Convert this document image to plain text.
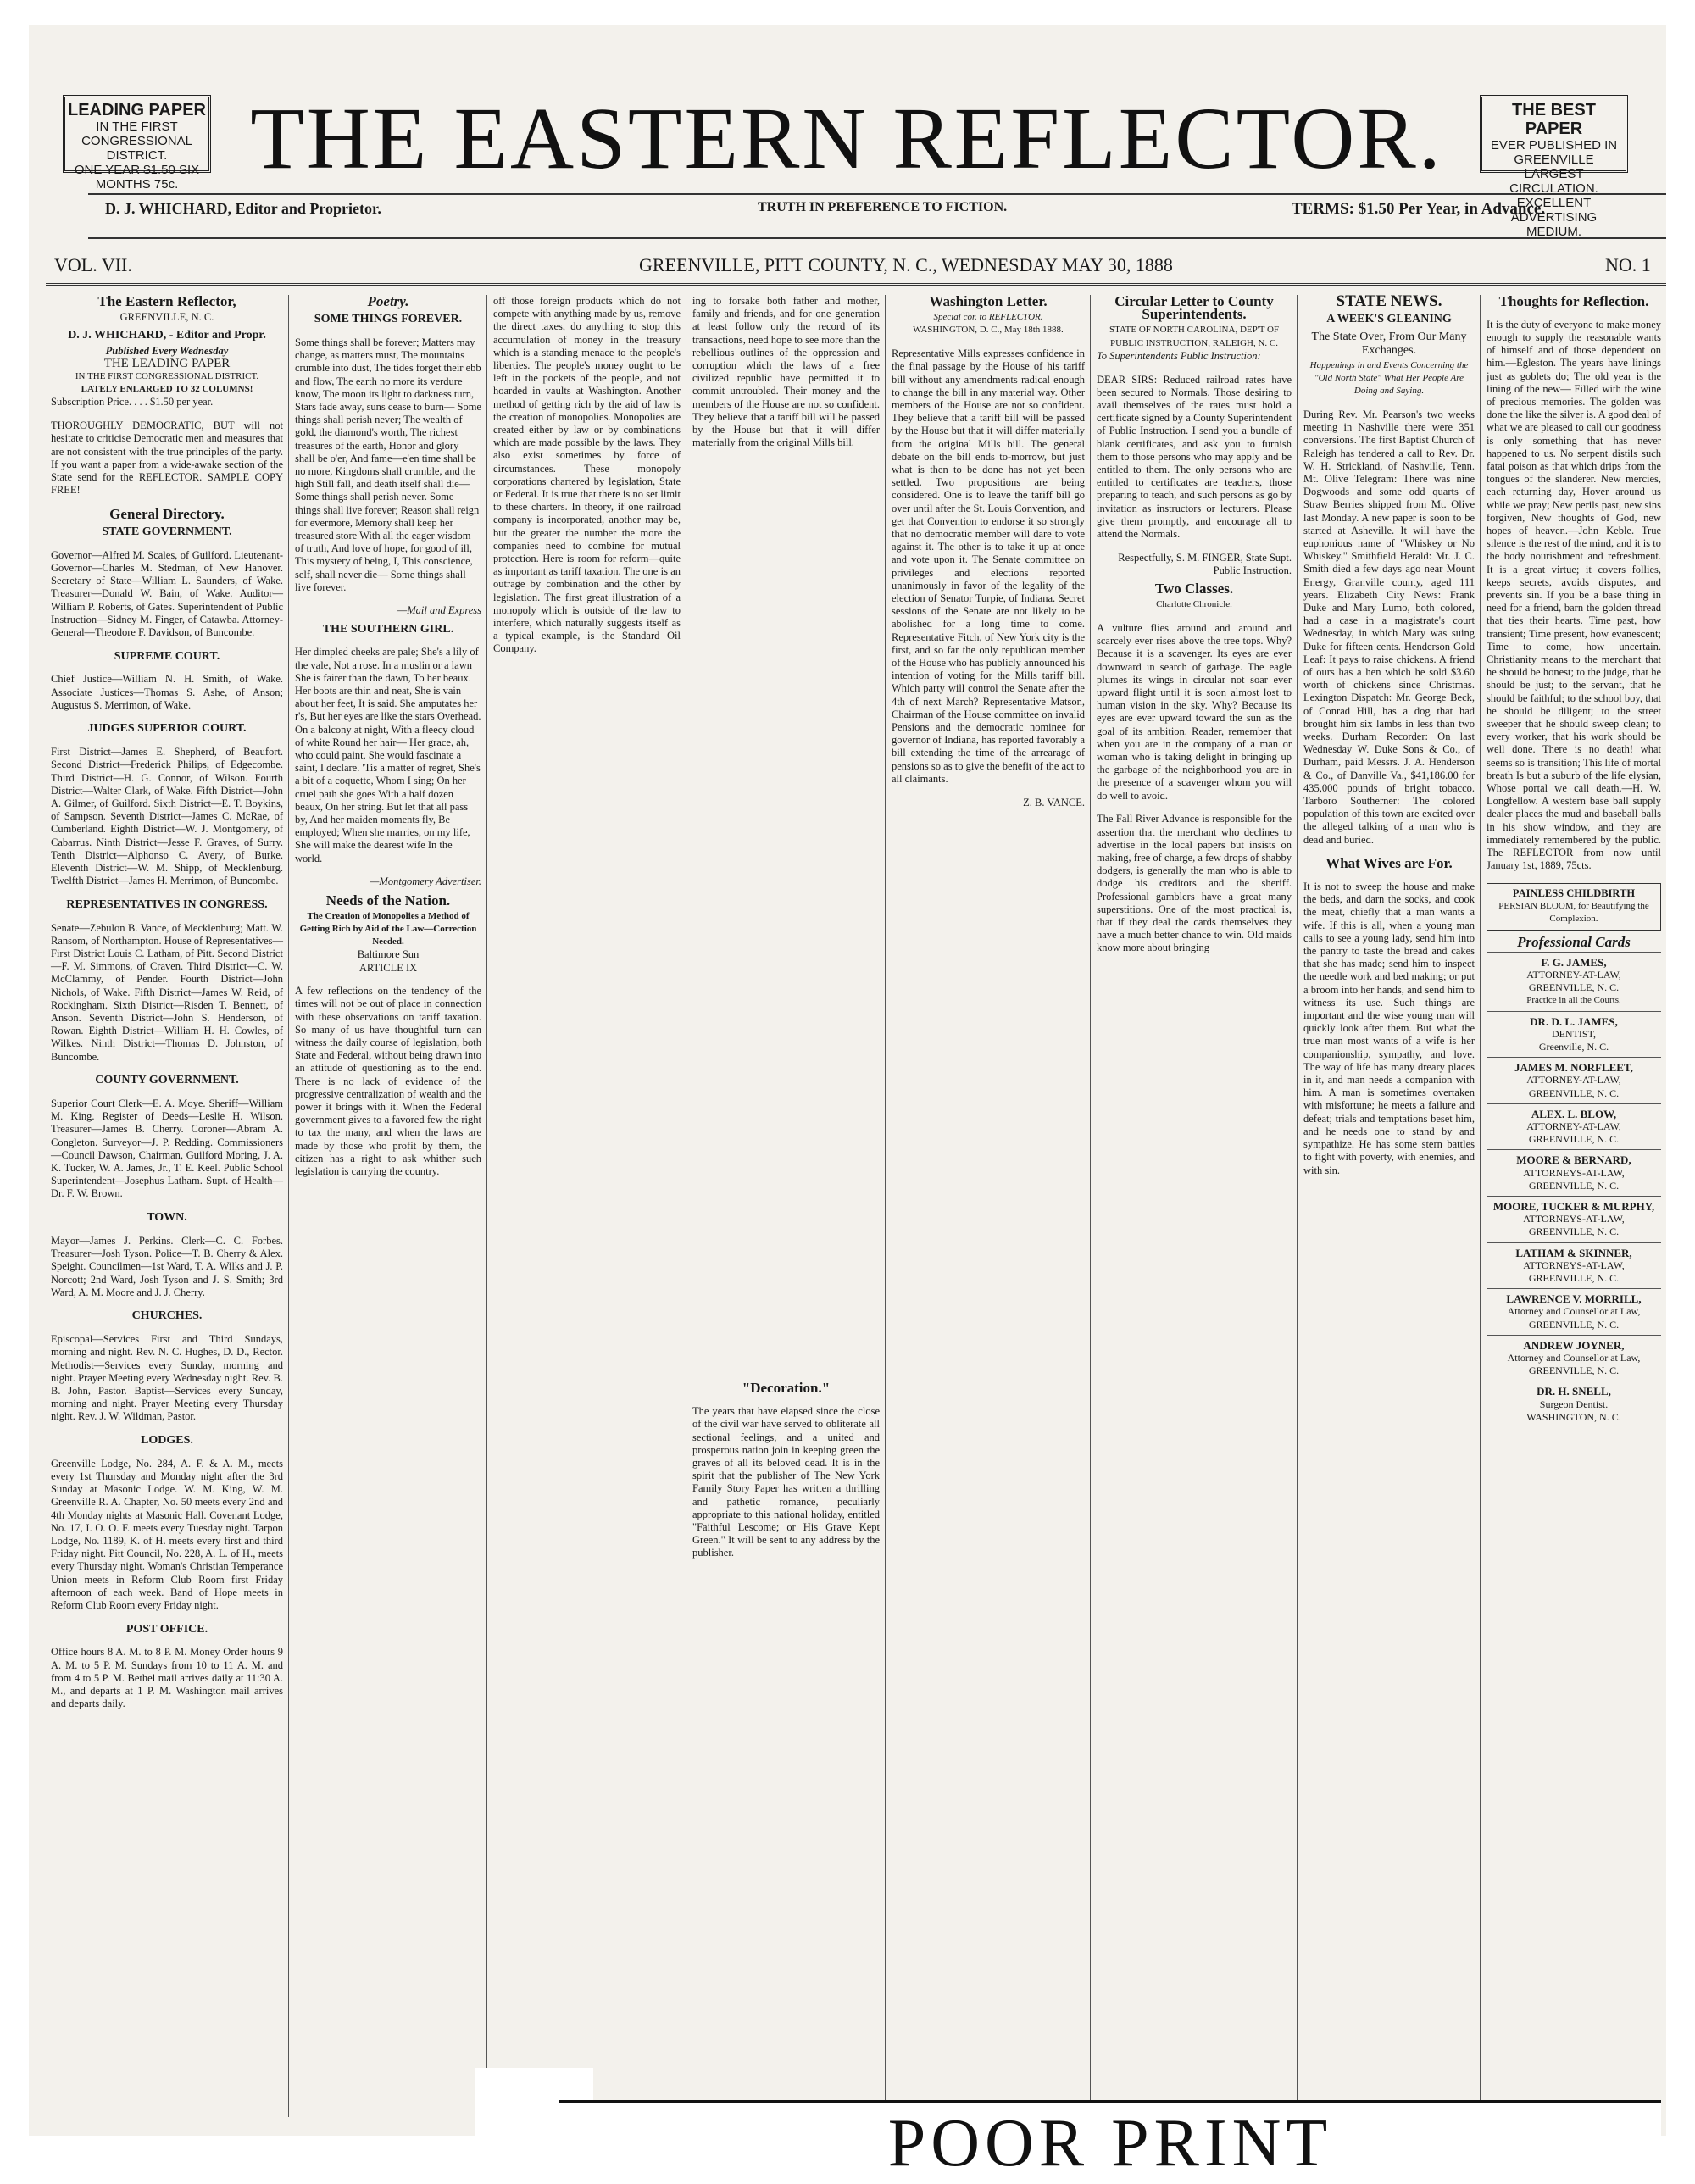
LEADING PAPER
IN THE FIRST CONGRESSIONAL DISTRICT.
ONE YEAR $1.50 SIX MONTHS 75c. THE EASTERN REFLECTOR.	THE BEST PAPER
EVER PUBLISHED IN GREENVILLE
LARGEST CIRCULATION.
EXCELLENT ADVERTISING MEDIUM.
D. J. WHICHARD, Editor and Proprietor.	TRUTH IN PREFERENCE TO FICTION.	TERMS: $1.50 Per Year, in Advance.
VOL. VII.	GREENVILLE, PITT COUNTY, N. C., WEDNESDAY MAY 30, 1888	NO. 1
The Eastern Reflector,
GREENVILLE, N. C.
D. J. WHICHARD, - Editor and Propr.
Published Every Wednesday
THE LEADING PAPER
IN THE FIRST CONGRESSIONAL DISTRICT.
LATELY ENLARGED TO 32 COLUMNS!
Subscription Price. . . . $1.50 per year.

THOROUGHLY DEMOCRATIC, BUT will not hesitate to criticise Democratic men and measures that are not consistent with the true principles of the party. If you want a paper from a wide-awake section of the State send for the REFLECTOR. SAMPLE COPY FREE!

General Directory.
STATE GOVERNMENT.

Governor—Alfred M. Scales, of Guilford. Lieutenant-Governor—Charles M. Stedman, of New Hanover. Secretary of State—William L. Saunders, of Wake. Treasurer—Donald W. Bain, of Wake. Auditor—William P. Roberts, of Gates. Superintendent of Public Instruction—Sidney M. Finger, of Catawba. Attorney-General—Theodore F. Davidson, of Buncombe.

SUPREME COURT.

Chief Justice—William N. H. Smith, of Wake. Associate Justices—Thomas S. Ashe, of Anson; Augustus S. Merrimon, of Wake.

JUDGES SUPERIOR COURT.

First District—James E. Shepherd, of Beaufort. Second District—Frederick Philips, of Edgecombe. Third District—H. G. Connor, of Wilson. Fourth District—Walter Clark, of Wake. Fifth District—John A. Gilmer, of Guilford. Sixth District—E. T. Boykins, of Sampson. Seventh District—James C. McRae, of Cumberland. Eighth District—W. J. Montgomery, of Cabarrus. Ninth District—Jesse F. Graves, of Surry. Tenth District—Alphonso C. Avery, of Burke. Eleventh District—W. M. Shipp, of Mecklenburg. Twelfth District—James H. Merrimon, of Buncombe.

REPRESENTATIVES IN CONGRESS.

Senate—Zebulon B. Vance, of Mecklenburg; Matt. W. Ransom, of Northampton. House of Representatives—First District Louis C. Latham, of Pitt. Second District—F. M. Simmons, of Craven. Third District—C. W. McClammy, of Pender. Fourth District—John Nichols, of Wake. Fifth District—James W. Reid, of Rockingham. Sixth District—Risden T. Bennett, of Anson. Seventh District—John S. Henderson, of Rowan. Eighth District—William H. H. Cowles, of Wilkes. Ninth District—Thomas D. Johnston, of Buncombe.

COUNTY GOVERNMENT.

Superior Court Clerk—E. A. Moye. Sheriff—William M. King. Register of Deeds—Leslie H. Wilson. Treasurer—James B. Cherry. Coroner—Abram A. Congleton. Surveyor—J. P. Redding. Commissioners—Council Dawson, Chairman, Guilford Moring, J. A. K. Tucker, W. A. James, Jr., T. E. Keel. Public School Superintendent—Josephus Latham. Supt. of Health—Dr. F. W. Brown.

TOWN.

Mayor—James J. Perkins. Clerk—C. C. Forbes. Treasurer—Josh Tyson. Police—T. B. Cherry & Alex. Speight. Councilmen—1st Ward, T. A. Wilks and J. P. Norcott; 2nd Ward, Josh Tyson and J. S. Smith; 3rd Ward, A. M. Moore and J. J. Cherry.

CHURCHES.

Episcopal—Services First and Third Sundays, morning and night. Rev. N. C. Hughes, D. D., Rector. Methodist—Services every Sunday, morning and night. Prayer Meeting every Wednesday night. Rev. B. B. John, Pastor. Baptist—Services every Sunday, morning and night. Prayer Meeting every Thursday night. Rev. J. W. Wildman, Pastor.

LODGES.

Greenville Lodge, No. 284, A. F. & A. M., meets every 1st Thursday and Monday night after the 3rd Sunday at Masonic Lodge. W. M. King, W. M. Greenville R. A. Chapter, No. 50 meets every 2nd and 4th Monday nights at Masonic Hall. Covenant Lodge, No. 17, I. O. O. F. meets every Tuesday night. Tarpon Lodge, No. 1189, K. of H. meets every first and third Friday night. Pitt Council, No. 228, A. L. of H., meets every Thursday night. Woman's Christian Temperance Union meets in Reform Club Room first Friday afternoon of each week. Band of Hope meets in Reform Club Room every Friday night.

POST OFFICE.

Office hours 8 A. M. to 8 P. M. Money Order hours 9 A. M. to 5 P. M. Sundays from 10 to 11 A. M. and from 4 to 5 P. M. Bethel mail arrives daily at 11:30 A. M., and departs at 1 P. M. Washington mail arrives and departs daily.

Poetry.
SOME THINGS FOREVER.

Some things shall be forever; Matters may change, as matters must, The mountains crumble into dust, The tides forget their ebb and flow, The earth no more its verdure know, The moon its light to darkness turn, Stars fade away, suns cease to burn— Some things shall perish never; The wealth of gold, the diamond's worth, The richest treasures of the earth, Honor and glory shall be o'er, And fame—e'en time shall be no more, Kingdoms shall crumble, and the high Still fall, and death itself shall die— Some things shall perish never. Some things shall live forever; Reason shall reign for evermore, Memory shall keep her treasured store With all the eager wisdom of truth, And love of hope, for good of ill, This mystery of being, I, This conscience, self, shall never die— Some things shall live forever.

—Mail and Express
THE SOUTHERN GIRL.

Her dimpled cheeks are pale; She's a lily of the vale, Not a rose. In a muslin or a lawn She is fairer than the dawn, To her beaux. Her boots are thin and neat, She is vain about her feet, It is said. She amputates her r's, But her eyes are like the stars Overhead. On a balcony at night, With a fleecy cloud of white Round her hair— Her grace, ah, who could paint, She would fascinate a saint, I declare. 'Tis a matter of regret, She's a bit of a coquette, Whom I sing; On her cruel path she goes With a half dozen beaux, On her string. But let that all pass by, And her maiden moments fly, Be employed; When she marries, on my life, She will make the dearest wife In the world.

—Montgomery Advertiser.
Needs of the Nation.
The Creation of Monopolies a Method of Getting Rich by Aid of the Law—Correction Needed.
Baltimore Sun
ARTICLE IX

A few reflections on the tendency of the times will not be out of place in connection with these observations on tariff taxation. So many of us have thoughtful turn can witness the daily course of legislation, both State and Federal, without being drawn into an attitude of questioning as to the end. There is no lack of evidence of the progressive centralization of wealth and the power it brings with it. When the Federal government gives to a favored few the right to tax the many, and when the laws are made by those who profit by them, the citizen has a right to ask whither such legislation is carrying the country.

off those foreign products which do not compete with anything made by us, remove the direct taxes, do anything to stop this accumulation of money in the treasury which is a standing menace to the people's liberties. The people's money ought to be left in the pockets of the people, and not hoarded in vaults at Washington. Another method of getting rich by the aid of law is the creation of monopolies. Monopolies are created either by law or by combinations which are made possible by the laws. They also exist sometimes by force of circumstances. These monopoly corporations chartered by legislation, State or Federal. It is true that there is no set limit to these charters. In theory, if one railroad company is incorporated, another may be, but the greater the number the more the companies need to combine for mutual protection. Here is room for reform—quite as important as tariff taxation. The one is an outrage by combination and the other by legislation. The first great illustration of a monopoly which is outside of the law to interfere, which naturally suggests itself as a typical example, is the Standard Oil Company.

ing to forsake both father and mother, family and friends, and for one generation at least follow only the record of its transactions, need hope to see more than the rebellious outlines of the oppression and corruption which the laws of a free civilized republic have permitted it to commit untroubled. Their money and the members of the House are not so confident. They believe that a tariff bill will be passed by the House but that it will differ materially from the original Mills bill.

"Decoration."

The years that have elapsed since the close of the civil war have served to obliterate all sectional feelings, and a united and prosperous nation join in keeping green the graves of all its beloved dead. It is in the spirit that the publisher of The New York Family Story Paper has written a thrilling and pathetic romance, peculiarly appropriate to this national holiday, entitled "Faithful Lescome; or His Grave Kept Green." It will be sent to any address by the publisher.

Washington Letter.
Special cor. to REFLECTOR.
WASHINGTON, D. C., May 18th 1888.

Representative Mills expresses confidence in the final passage by the House of his tariff bill without any amendments radical enough to change the bill in any material way. Other members of the House are not so confident. They believe that a tariff bill will be passed by the House but that it will differ materially from the original Mills bill. The general debate on the bill ends to-morrow, but just what is then to be done has not yet been settled. Two propositions are being considered. One is to leave the tariff bill go over until after the St. Louis Convention, and get that Convention to endorse it so strongly that no democratic member will dare to vote against it. The other is to take it up at once and vote upon it. The Senate committee on privileges and elections reported unanimously in favor of the legality of the election of Senator Turpie, of Indiana. Secret sessions of the Senate are not likely to be abolished for a long time to come. Representative Fitch, of New York city is the first, and so far the only republican member of the House who has publicly announced his intention of voting for the Mills tariff bill. Which party will control the Senate after the 4th of next March? Representative Matson, Chairman of the House committee on invalid Pensions and the democratic nominee for governor of Indiana, has reported favorably a bill extending the time of the arrearage of pensions so as to give the benefit of the act to all claimants.

Z. B. VANCE.
Circular Letter to County Superintendents.
STATE OF NORTH CAROLINA, DEP'T OF PUBLIC INSTRUCTION, RALEIGH, N. C.
To Superintendents Public Instruction:

DEAR SIRS: Reduced railroad rates have been secured to Normals. Those desiring to avail themselves of the rates must hold a certificate signed by a County Superintendent of Public Instruction. I send you a bundle of blank certificates, and ask you to furnish them to those persons who may apply and be entitled to them. The only persons who are entitled to certificates are teachers, those preparing to teach, and such persons as go by invitation as instructors or lecturers. Please give them promptly, and encourage all to attend the Normals.

Respectfully, S. M. FINGER, State Supt. Public Instruction.
Two Classes.
Charlotte Chronicle.

A vulture flies around and around and scarcely ever rises above the tree tops. Why? Because it is a scavenger. Its eyes are ever downward in search of garbage. The eagle plumes its wings in circular not soar ever upward flight until it is soon almost lost to human vision in the sky. Why? Because its eyes are ever upward toward the sun as the goal of its ambition. Reader, remember that when you are in the company of a man or woman who is taking delight in bringing up the garbage of the neighborhood you are in the presence of a scavenger whom you will do well to avoid.

The Fall River Advance is responsible for the assertion that the merchant who declines to advertise in the local papers but insists on making, free of charge, a few drops of shabby dodgers, is generally the man who is able to dodge his creditors and the sheriff. Professional gamblers have a great many superstitions. One of the most practical is, that if they deal the cards themselves they have a much better chance to win. Old maids know more about bringing

STATE NEWS.
A WEEK'S GLEANING
The State Over, From Our Many Exchanges.
Happenings in and Events Concerning the "Old North State" What Her People Are Doing and Saying.

During Rev. Mr. Pearson's two weeks meeting in Nashville there were 351 conversions. The first Baptist Church of Raleigh has tendered a call to Rev. Dr. W. H. Strickland, of Nashville, Tenn. Mt. Olive Telegram: There was nine Dogwoods and some odd quarts of Straw Berries shipped from Mt. Olive last Monday. A new paper is soon to be started at Asheville. It will have the euphonious name of "Whiskey or No Whiskey." Smithfield Herald: Mr. J. C. Smith died a few days ago near Mount Energy, Granville county, aged 111 years. Elizabeth City News: Frank Duke and Mary Lumo, both colored, had a case in a magistrate's court Wednesday, in which Mary was suing Duke for fifteen cents. Henderson Gold Leaf: It pays to raise chickens. A friend of ours has a hen which he sold $3.60 worth of chickens since Christmas. Lexington Dispatch: Mr. George Beck, of Conrad Hill, has a dog that had brought him six lambs in less than two weeks. Durham Recorder: On last Wednesday W. Duke Sons & Co., of Durham, paid Messrs. J. A. Henderson & Co., of Danville Va., $41,186.00 for 435,000 pounds of bright tobacco. Tarboro Southerner: The colored population of this town are excited over the alleged talking of a man who is dead and buried.

What Wives are For.

It is not to sweep the house and make the beds, and darn the socks, and cook the meat, chiefly that a man wants a wife. If this is all, when a young man calls to see a young lady, send him into the pantry to taste the bread and cakes that she has made; send him to inspect the needle work and bed making; or put a broom into her hands, and send him to witness its use. Such things are important and the wise young man will quickly look after them. But what the true man most wants of a wife is her companionship, sympathy, and love. The way of life has many dreary places in it, and man needs a companion with him. A man is sometimes overtaken with misfortune; he meets a failure and defeat; trials and temptations beset him, and he needs one to stand by and sympathize. He has some stern battles to fight with poverty, with enemies, and with sin.

Thoughts for Reflection.

It is the duty of everyone to make money enough to supply the reasonable wants of himself and of those dependent on him.—Egleston. The years have linings just as goblets do; The old year is the lining of the new— Filled with the wine of precious memories. The golden was done the like the silver is. A good deal of what we are pleased to call our goodness is only something that has never happened to us. No serpent distils such fatal poison as that which drips from the tongues of the slanderer. New mercies, each returning day, Hover around us while we pray; New perils past, new sins forgiven, New thoughts of God, new hopes of heaven.—John Keble. True silence is the rest of the mind, and it is to the body nourishment and refreshment. It is a great virtue; it covers follies, keeps secrets, avoids disputes, and prevents sin. If you be a base thing in need for a friend, barn the golden thread that ties their hearts. Time past, how transient; Time present, how evanescent; Time to come, how uncertain. Christianity means to the merchant that he should be honest; to the judge, that he should be just; to the servant, that he should be faithful; to the school boy, that he should be diligent; to the street sweeper that he should sweep clean; to every worker, that his work should be well done. There is no death! what seems so is transition; This life of mortal breath Is but a suburb of the life elysian, Whose portal we call death.—H. W. Longfellow. A western base ball supply dealer places the mud and baseball balls in his show window, and they are immediately remembered by the public. The REFLECTOR from now until January 1st, 1889, 75cts.

PAINLESS CHILDBIRTH
PERSIAN BLOOM, for Beautifying the Complexion.
Professional Cards
F. G. JAMES,
ATTORNEY-AT-LAW,
GREENVILLE, N. C.
Practice in all the Courts.
DR. D. L. JAMES,
DENTIST,
Greenville, N. C.
JAMES M. NORFLEET,
ATTORNEY-AT-LAW,
GREENVILLE, N. C.
ALEX. L. BLOW,
ATTORNEY-AT-LAW,
GREENVILLE, N. C.
MOORE & BERNARD,
ATTORNEYS-AT-LAW,
GREENVILLE, N. C.
MOORE, TUCKER & MURPHY,
ATTORNEYS-AT-LAW,
GREENVILLE, N. C.
LATHAM & SKINNER,
ATTORNEYS-AT-LAW,
GREENVILLE, N. C.
LAWRENCE V. MORRILL,
Attorney and Counsellor at Law,
GREENVILLE, N. C.
ANDREW JOYNER,
Attorney and Counsellor at Law,
GREENVILLE, N. C.
DR. H. SNELL,
Surgeon Dentist.
WASHINGTON, N. C.
POOR PRINT
